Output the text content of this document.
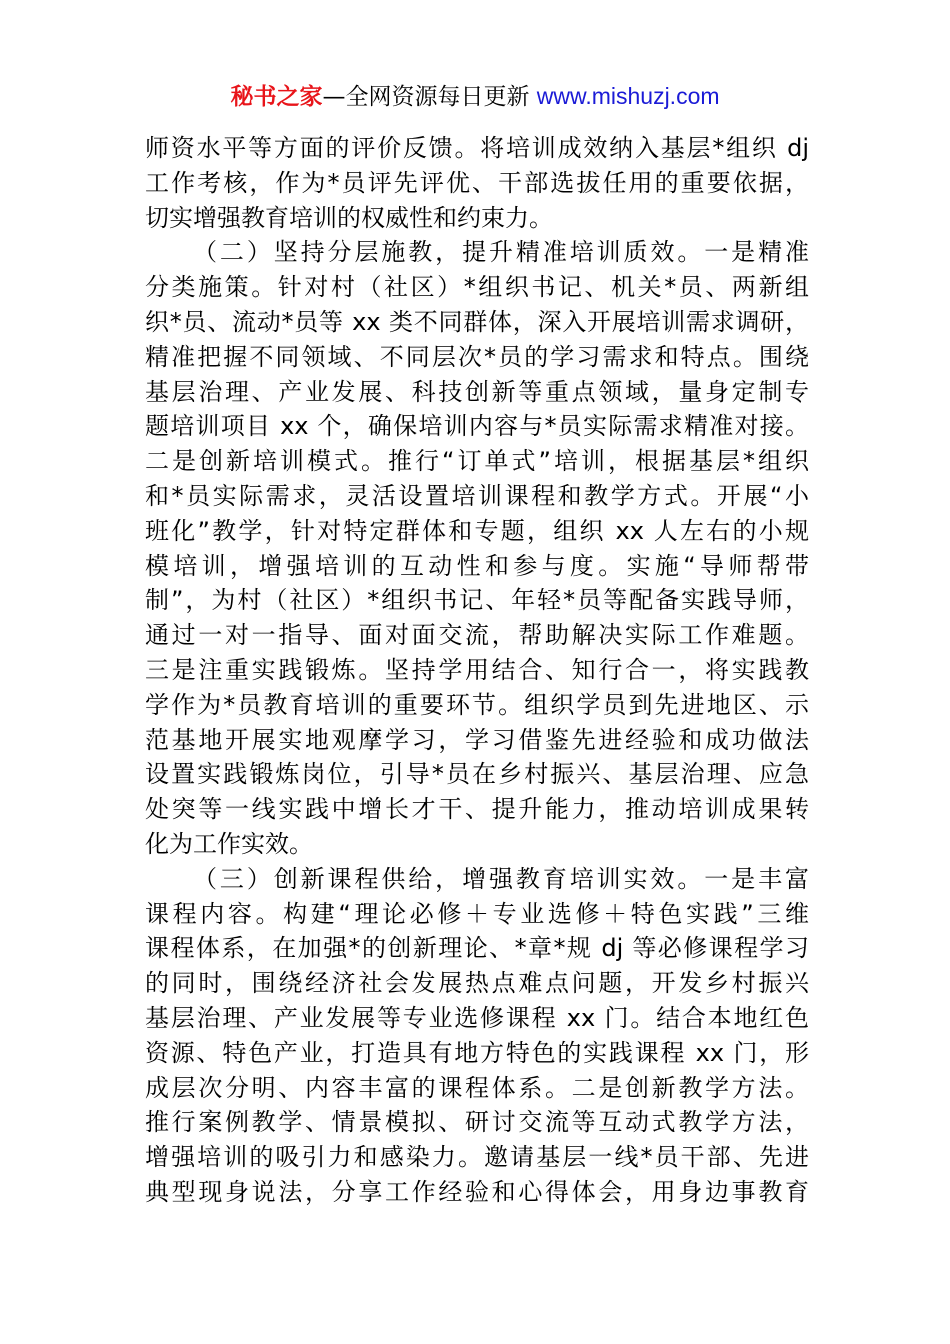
秘书之家—全网资源每日更新 www.mishuzj.com
师资水平等方面的评价反馈。将培训成效纳入基层*组织 dj
工作考核，作为*员评先评优、干部选拔任用的重要依据，
切实增强教育培训的权威性和约束力。
（二）坚持分层施教，提升精准培训质效。一是精准
分类施策。针对村（社区）*组织书记、机关*员、两新组
织*员、流动*员等 xx 类不同群体，深入开展培训需求调研，
精准把握不同领域、不同层次*员的学习需求和特点。围绕
基层治理、产业发展、科技创新等重点领域，量身定制专
题培训项目 xx 个，确保培训内容与*员实际需求精准对接。
二是创新培训模式。推行“订单式”培训，根据基层*组织
和*员实际需求，灵活设置培训课程和教学方式。开展“小
班化”教学，针对特定群体和专题，组织 xx 人左右的小规
模培训，增强培训的互动性和参与度。实施“导师帮带
制”，为村（社区）*组织书记、年轻*员等配备实践导师，
通过一对一指导、面对面交流，帮助解决实际工作难题。
三是注重实践锻炼。坚持学用结合、知行合一，将实践教
学作为*员教育培训的重要环节。组织学员到先进地区、示
范基地开展实地观摩学习，学习借鉴先进经验和成功做法
设置实践锻炼岗位，引导*员在乡村振兴、基层治理、应急
处突等一线实践中增长才干、提升能力，推动培训成果转
化为工作实效。
（三）创新课程供给，增强教育培训实效。一是丰富
课程内容。构建“理论必修＋专业选修＋特色实践”三维
课程体系，在加强*的创新理论、*章*规 dj 等必修课程学习
的同时，围绕经济社会发展热点难点问题，开发乡村振兴
基层治理、产业发展等专业选修课程 xx 门。结合本地红色
资源、特色产业，打造具有地方特色的实践课程 xx 门，形
成层次分明、内容丰富的课程体系。二是创新教学方法。
推行案例教学、情景模拟、研讨交流等互动式教学方法，
增强培训的吸引力和感染力。邀请基层一线*员干部、先进
典型现身说法，分享工作经验和心得体会，用身边事教育
